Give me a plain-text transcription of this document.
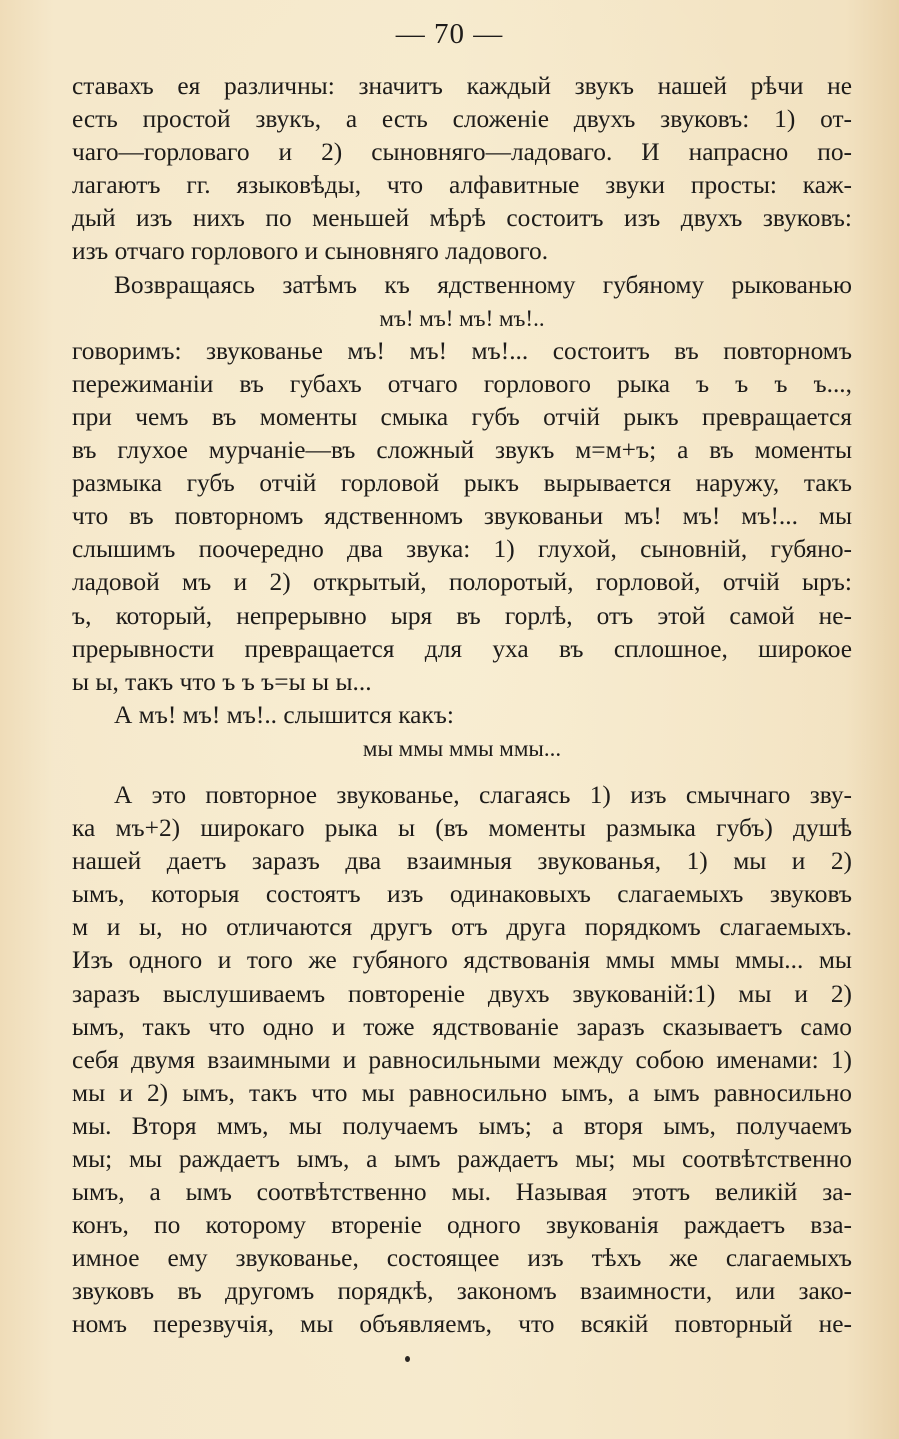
— 70 —
ставахъ ея различны: значитъ каждый звукъ нашей рѣчи не
есть простой звукъ, а есть сложенiе двухъ звуковъ: 1) от-
чаго—горловаго и 2) сыновняго—ладоваго. И напрасно по-
лагаютъ гг. языковѣды, что алфавитные звуки просты: каж-
дый изъ нихъ по меньшей мѣрѣ состоитъ изъ двухъ звуковъ:
изъ отчаго горлового и сыновняго ладового.
Возвращаясь затѣмъ къ ядственному губяному рыкованью
мъ! мъ! мъ! мъ!..
говоримъ: звукованье мъ! мъ! мъ!... состоитъ въ повторномъ
пережиманiи въ губахъ отчаго горлового рыка ъ ъ ъ ъ...,
при чемъ въ моменты смыка губъ отчiй рыкъ превращается
въ глухое мурчанiе—въ сложный звукъ м=м+ъ; а въ моменты
размыка губъ отчiй горловой рыкъ вырывается наружу, такъ
что въ повторномъ ядственномъ звукованьи мъ! мъ! мъ!... мы
слышимъ поочередно два звука: 1) глухой, сыновнiй, губяно-
ладовой мъ и 2) открытый, полоротый, горловой, отчiй ыръ:
ъ, который, непрерывно ыря въ горлѣ, отъ этой самой не-
прерывности превращается для уха въ сплошное, широкое
ы ы, такъ что ъ ъ ъ=ы ы ы...
А мъ! мъ! мъ!.. слышится какъ:
мы ммы ммы ммы...
А это повторное звукованье, слагаясь 1) изъ смычнаго зву-
ка мъ+2) широкаго рыка ы (въ моменты размыка губъ) душѣ
нашей даетъ заразъ два взаимныя звукованья, 1) мы и 2)
ымъ, которыя состоятъ изъ одинаковыхъ слагаемыхъ звуковъ
м и ы, но отличаются другъ отъ друга порядкомъ слагаемыхъ.
Изъ одного и того же губяного ядствованiя ммы ммы ммы... мы
заразъ выслушиваемъ повторенiе двухъ звукованiй:1) мы и 2)
ымъ, такъ что одно и тоже ядствованiе заразъ сказываетъ само
себя двумя взаимными и равносильными между собою именами: 1)
мы и 2) ымъ, такъ что мы равносильно ымъ, а ымъ равносильно
мы. Вторя ммъ, мы получаемъ ымъ; а вторя ымъ, получаемъ
мы; мы раждаетъ ымъ, а ымъ раждаетъ мы; мы соотвѣтственно
ымъ, а ымъ соотвѣтственно мы. Называя этотъ великiй за-
конъ, по которому вторенiе одного звукованiя раждаетъ вза-
имное ему звукованье, состоящее изъ тѣхъ же слагаемыхъ
звуковъ въ другомъ порядкѣ, закономъ взаимности, или зако-
номъ перезвучiя, мы объявляемъ, что всякiй повторный не-
